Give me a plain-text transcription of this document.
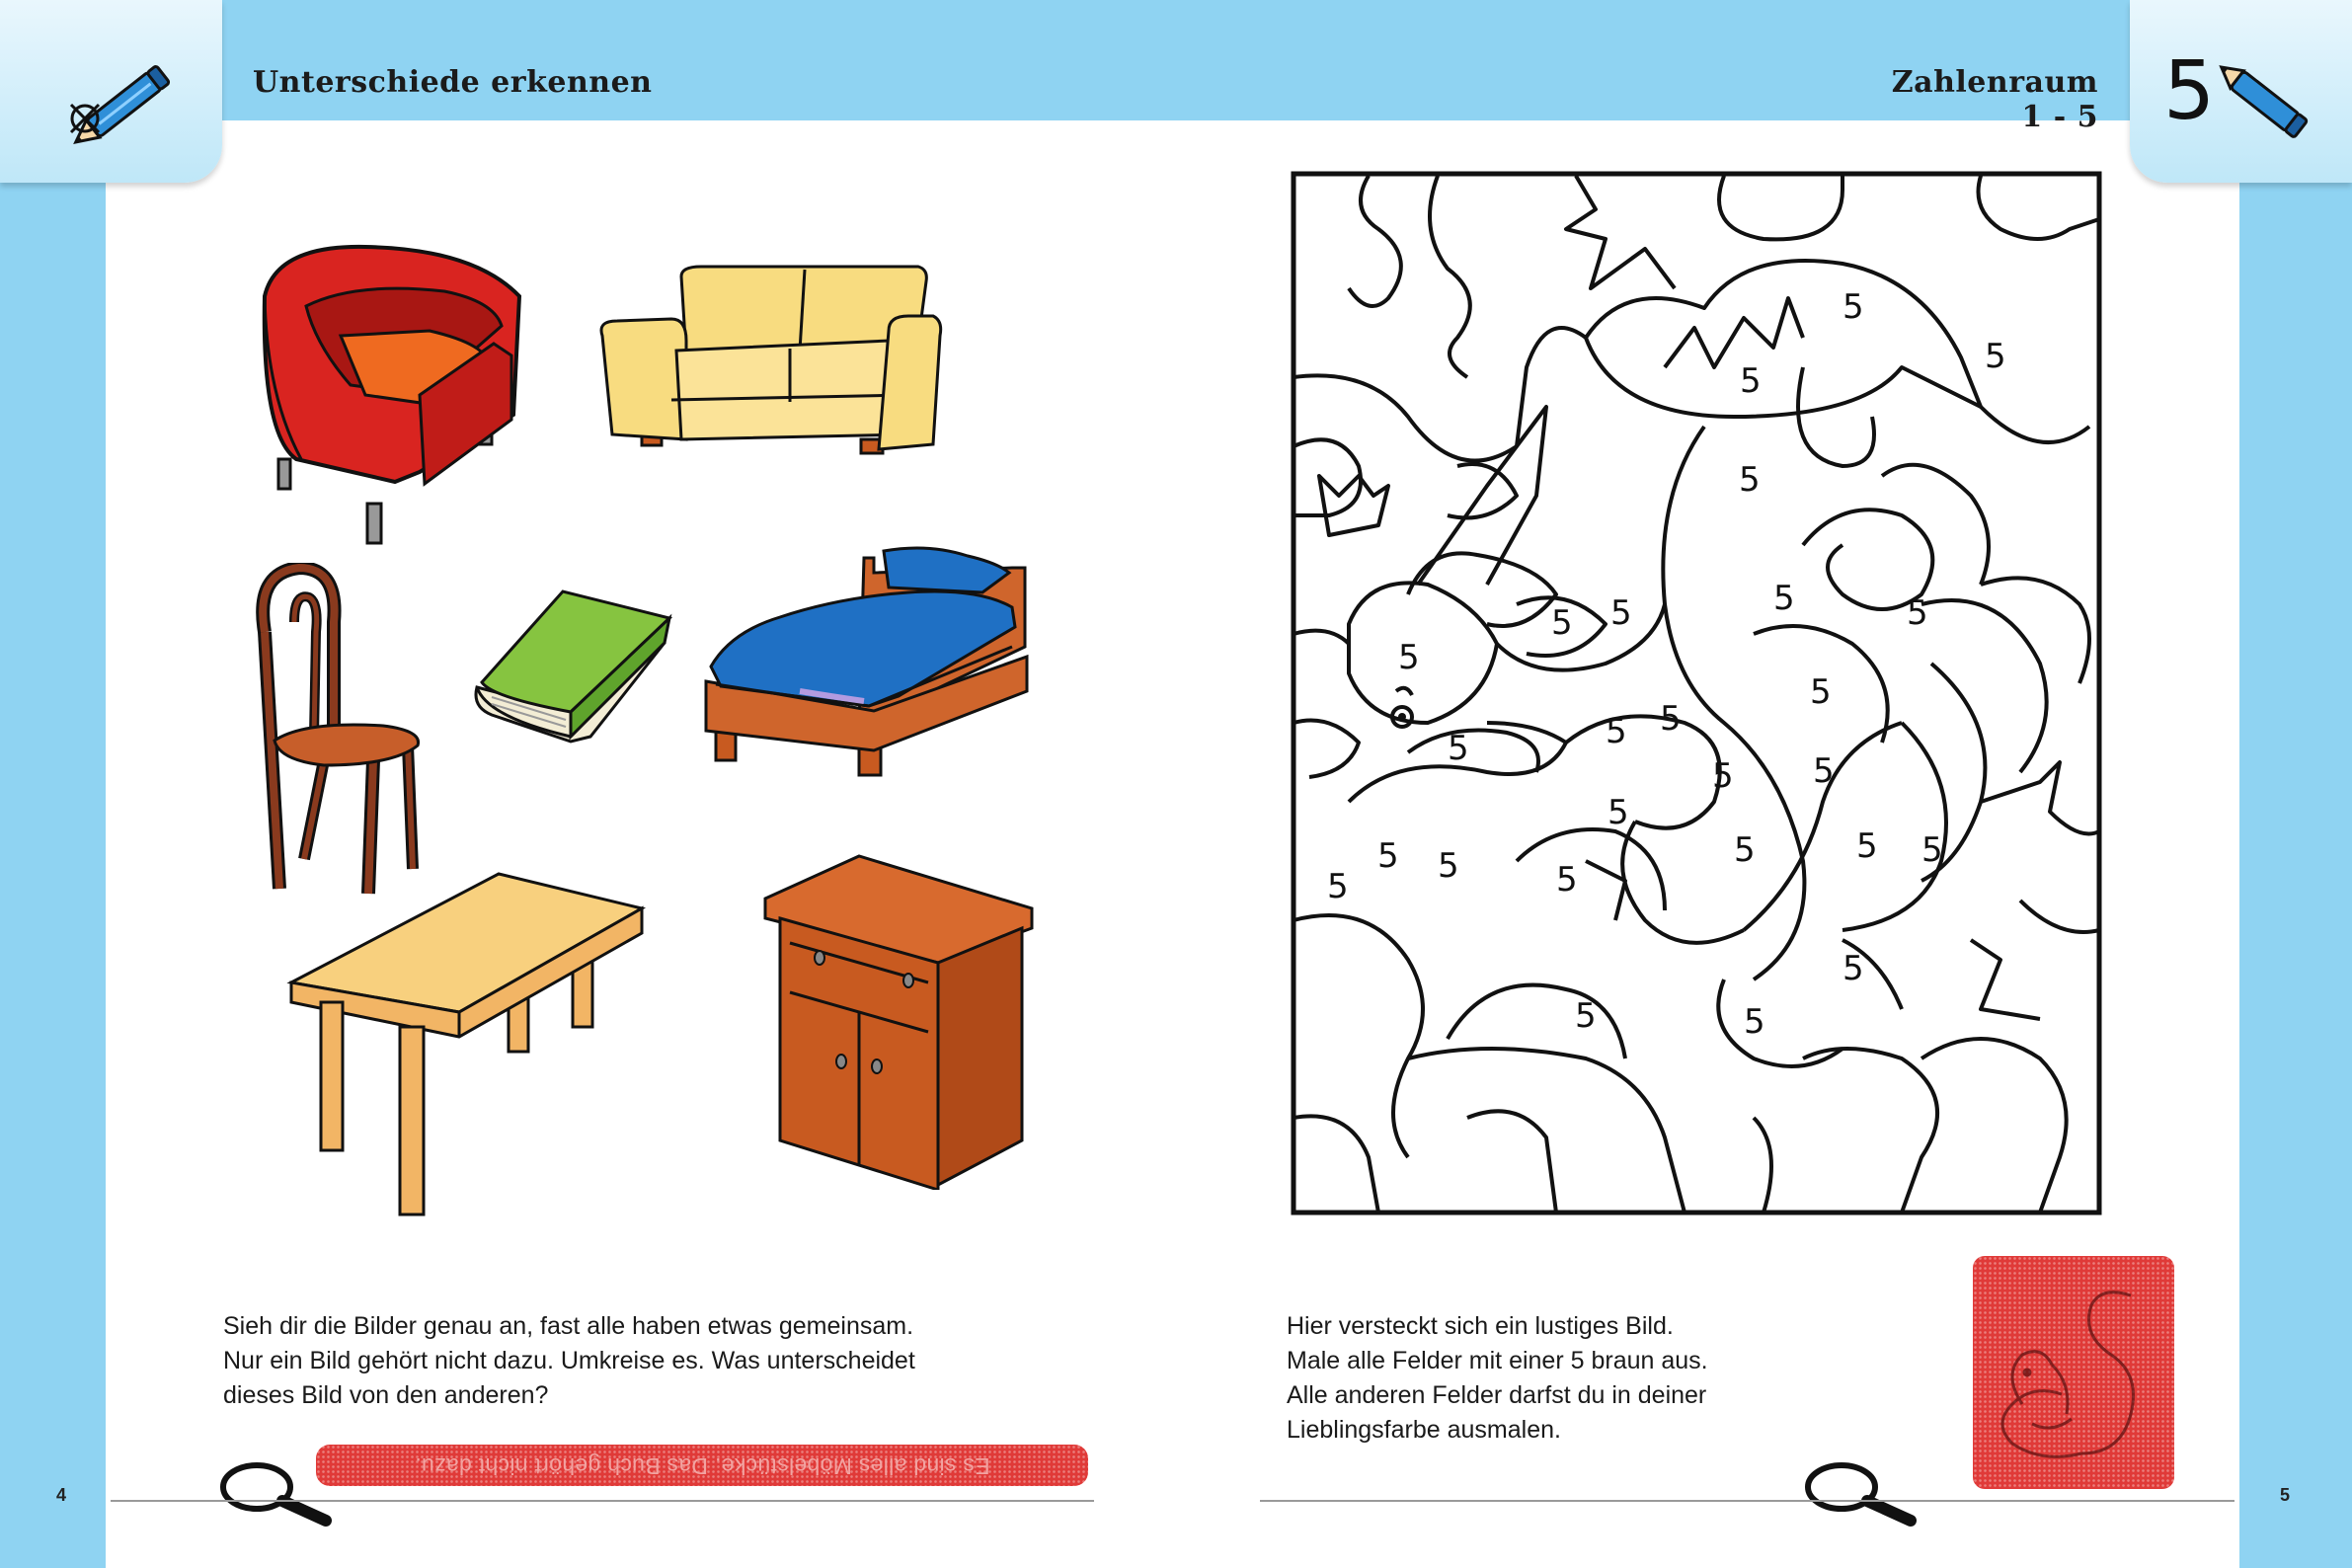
5
Unterschiede erkennen	Zahlenraum 1 - 5
Sieh dir die Bilder genau an, fast alle haben etwas gemeinsam.
Nur ein Bild gehört nicht dazu. Umkreise es. Was unterscheidet
dieses Bild von den anderen?
Es sind alles Möbelstücke. Das Buch gehört nicht dazu.
4	5
5
5
5
5
5	5
5
5
5
5
5
5
5
5 5
5
5 5
5 5	5
5
5
5
5	5
Hier versteckt sich ein lustiges Bild.
Male alle Felder mit einer 5 braun aus.
Alle anderen Felder darfst du in deiner
Lieblingsfarbe ausmalen.
